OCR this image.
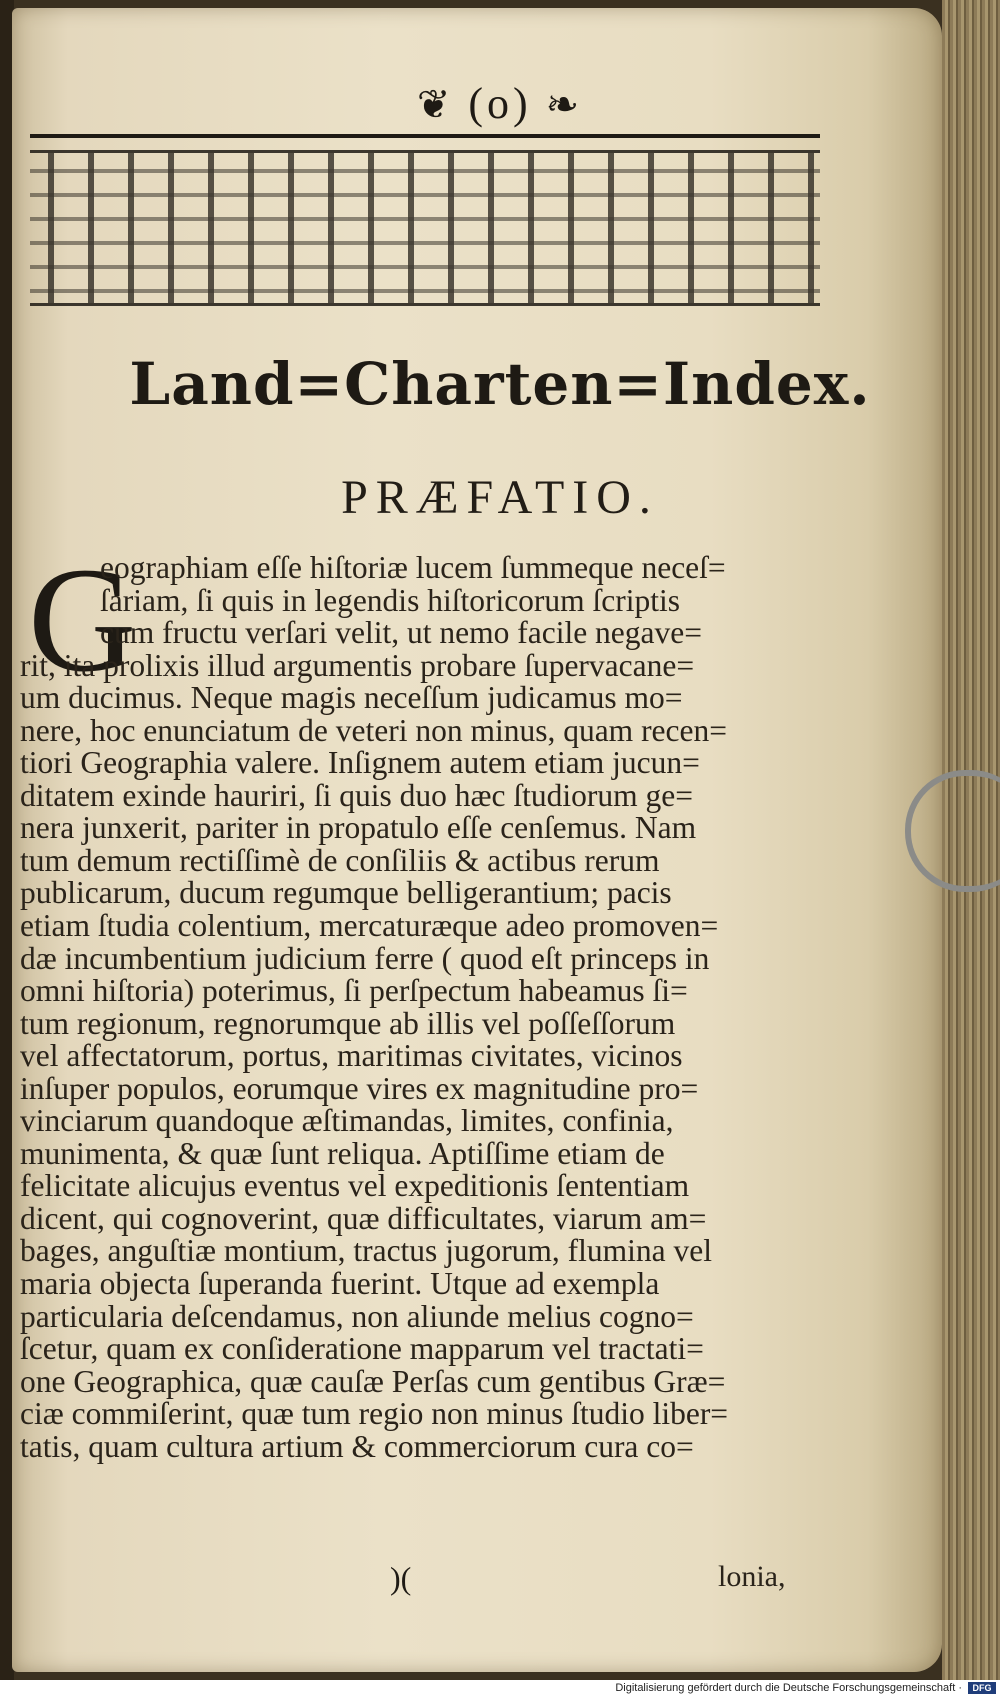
❦ (o) ❧
Land=Charten=Index.
PRÆFATIO.
G
eographiam eſſe hiſtoriæ lucem ſummeque neceſ=
ſariam, ſi quis in legendis hiſtoricorum ſcriptis
cum fructu verſari velit, ut nemo facile negave=
rit, ita prolixis illud argumentis probare ſupervacane=
um ducimus. Neque magis neceſſum judicamus mo=
nere, hoc enunciatum de veteri non minus, quam recen=
tiori Geographia valere. Inſignem autem etiam jucun=
ditatem exinde hauriri, ſi quis duo hæc ſtudiorum ge=
nera junxerit, pariter in propatulo eſſe cenſemus. Nam
tum demum rectiſſimè de conſiliis & actibus rerum
publicarum, ducum regumque belligerantium; pacis
etiam ſtudia colentium, mercaturæque adeo promoven=
dæ incumbentium judicium ferre ( quod eſt princeps in
omni hiſtoria) poterimus, ſi perſpectum habeamus ſi=
tum regionum, regnorumque ab illis vel poſſeſſorum
vel affectatorum, portus, maritimas civitates, vicinos
inſuper populos, eorumque vires ex magnitudine pro=
vinciarum quandoque æſtimandas, limites, confinia,
munimenta, & quæ ſunt reliqua. Aptiſſime etiam de
felicitate alicujus eventus vel expeditionis ſententiam
dicent, qui cognoverint, quæ difficultates, viarum am=
bages, anguſtiæ montium, tractus jugorum, flumina vel
maria objecta ſuperanda fuerint. Utque ad exempla
particularia deſcendamus, non aliunde melius cogno=
ſcetur, quam ex conſideratione mapparum vel tractati=
one Geographica, quæ cauſæ Perſas cum gentibus Græ=
ciæ commiſerint, quæ tum regio non minus ſtudio liber=
tatis, quam cultura artium & commerciorum cura co=
)(	lonia,
Digitalisierung gefördert durch die Deutsche Forschungsgemeinschaft ·	DFG
